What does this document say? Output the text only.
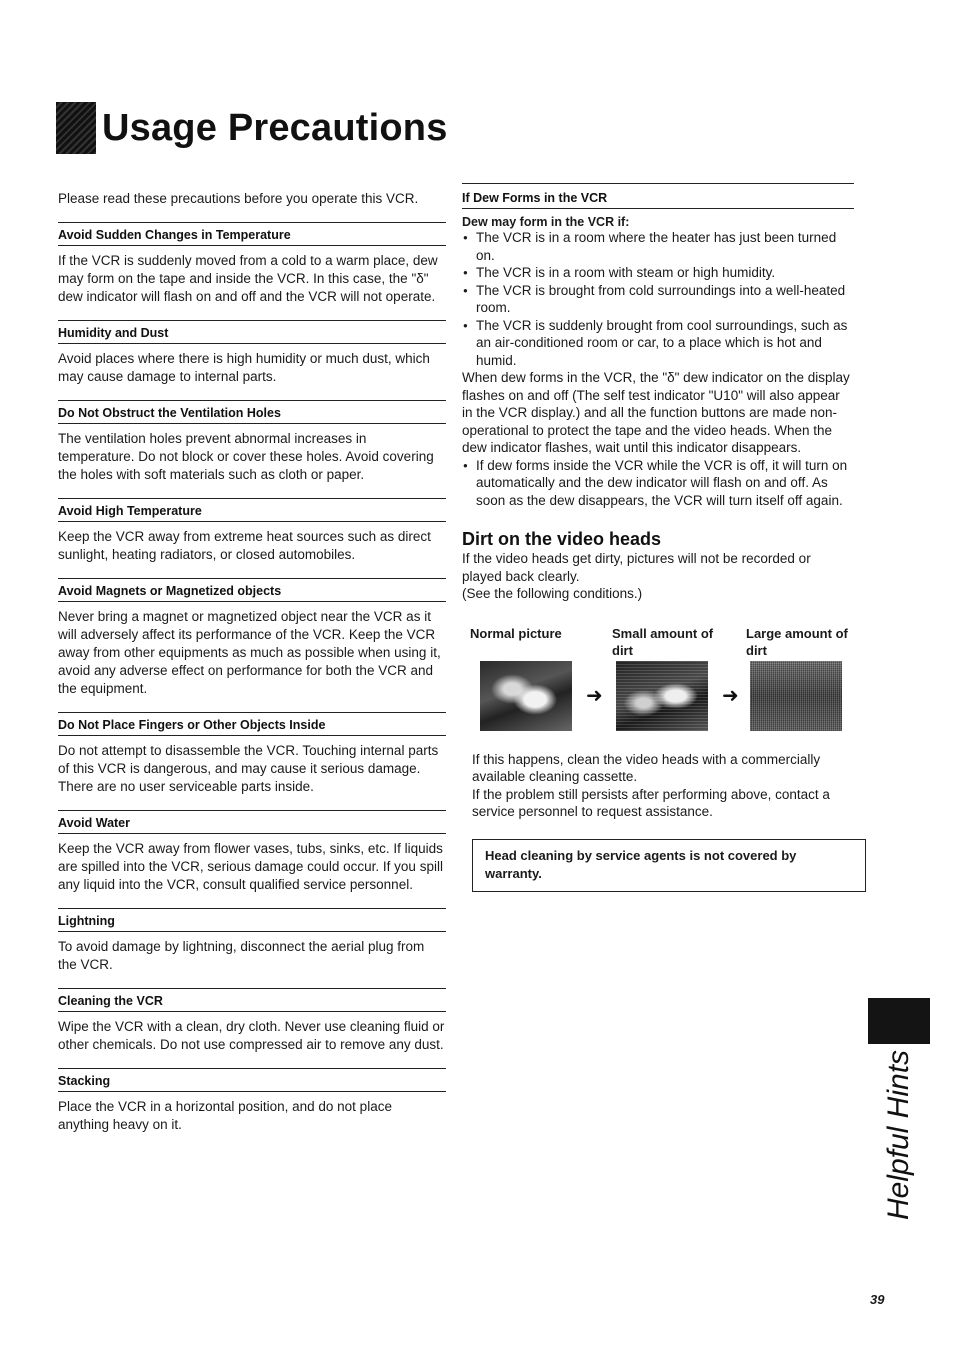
Usage Precautions

Please read these precautions before you operate this VCR.

Avoid Sudden Changes in Temperature
If the VCR is suddenly moved from a cold to a warm place, dew may form on the tape and inside the VCR. In this case, the "δ" dew indicator will flash on and off and the VCR will not operate.
Humidity and Dust
Avoid places where there is high humidity or much dust, which may cause damage to internal parts.
Do Not Obstruct the Ventilation Holes
The ventilation holes prevent abnormal increases in temperature. Do not block or cover these holes. Avoid covering the holes with soft materials such as cloth or paper.
Avoid High Temperature
Keep the VCR away from extreme heat sources such as direct sunlight, heating radiators, or closed automobiles.
Avoid Magnets or Magnetized objects
Never bring a magnet or magnetized object near the VCR as it will adversely affect its performance of the VCR. Keep the VCR away from other equipments as much as possible when using it, avoid any adverse effect on performance for both the VCR and the equipment.
Do Not Place Fingers or Other Objects Inside
Do not attempt to disassemble the VCR. Touching internal parts of this VCR is dangerous, and may cause it serious damage. There are no user serviceable parts inside.
Avoid Water
Keep the VCR away from flower vases, tubs, sinks, etc. If liquids are spilled into the VCR, serious damage could occur. If you spill any liquid into the VCR, consult qualified service personnel.
Lightning
To avoid damage by lightning, disconnect the aerial plug from the VCR.
Cleaning the VCR
Wipe the VCR with a clean, dry cloth. Never use cleaning fluid or other chemicals. Do not use compressed air to remove any dust.
Stacking
Place the VCR in a horizontal position, and do not place anything heavy on it.
If Dew Forms in the VCR
Dew may form in the VCR if:
● The VCR is in a room where the heater has just been turned on.
● The VCR is in a room with steam or high humidity.
● The VCR is brought from cold surroundings into a well-heated room.
● The VCR is suddenly brought from cool surroundings, such as an air-conditioned room or car, to a place which is hot and humid.
When dew forms in the VCR, the "δ" dew indicator on the display flashes on and off (The self test indicator "U10" will also appear in the VCR display.) and all the function buttons are made non-operational to protect the tape and the video heads. When the dew indicator flashes, wait until this indicator disappears.
● If dew forms inside the VCR while the VCR is off, it will turn on automatically and the dew indicator will flash on and off. As soon as the dew disappears, the VCR will turn itself off again.
Dirt on the video heads
If the video heads get dirty, pictures will not be recorded or played back clearly.
(See the following conditions.)
Normal picture	Small amount of dirt
Large amount of dirt
➜	➜
If this happens, clean the video heads with a commercially available cleaning cassette.
If the problem still persists after performing above, contact a service personnel to request assistance.
Head cleaning by service agents is not covered by warranty.
Helpful Hints
39
